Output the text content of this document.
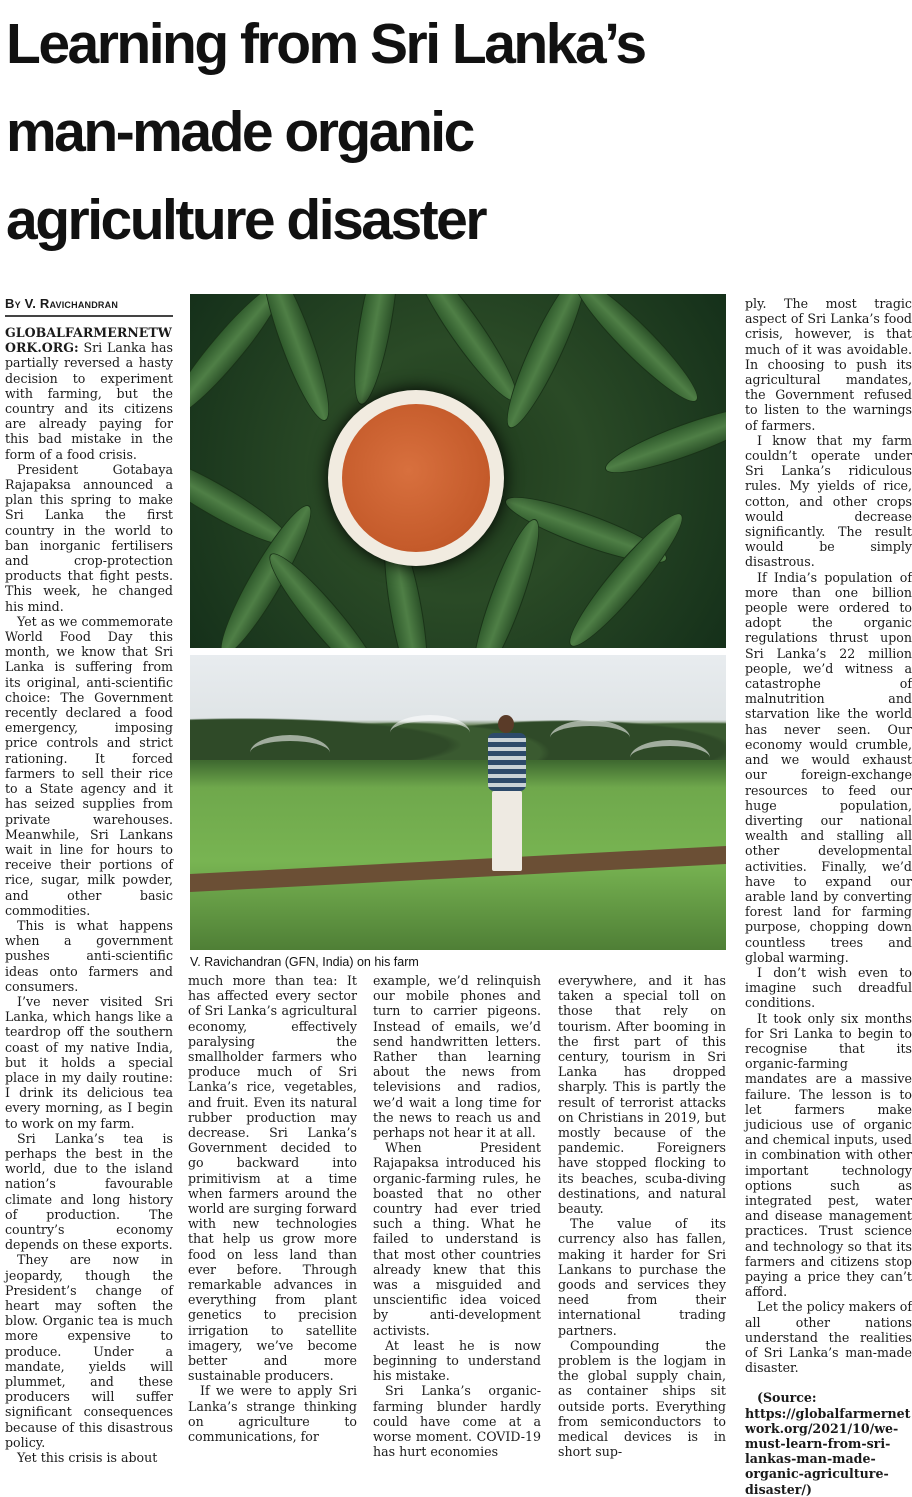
Learning from Sri Lanka’s
man-made organic
agriculture disaster
By V. Ravichandran

GLOBALFARMERNETWORK.ORG: Sri Lanka has partially reversed a hasty decision to experiment with farming, but the country and its citizens are already paying for this bad mistake in the form of a food crisis.

President Gotabaya Rajapaksa announced a plan this spring to make Sri Lanka the first country in the world to ban inorganic fertilisers and crop-protection products that fight pests. This week, he changed his mind.

Yet as we commemorate World Food Day this month, we know that Sri Lanka is suffering from its original, anti-scientific choice: The Government recently declared a food emergency, imposing price controls and strict rationing. It forced farmers to sell their rice to a State agency and it has seized supplies from private warehouses. Meanwhile, Sri Lankans wait in line for hours to receive their portions of rice, sugar, milk powder, and other basic commodities.

This is what happens when a government pushes anti-scientific ideas onto farmers and consumers.

I’ve never visited Sri Lanka, which hangs like a teardrop off the southern coast of my native India, but it holds a special place in my daily routine: I drink its delicious tea every morning, as I begin to work on my farm.

Sri Lanka’s tea is perhaps the best in the world, due to the island nation’s favourable climate and long history of production. The country’s economy depends on these exports.

They are now in jeopardy, though the President’s change of heart may soften the blow. Organic tea is much more expensive to produce. Under a mandate, yields will plummet, and these producers will suffer significant consequences because of this disastrous policy.

Yet this crisis is about

V. Ravichandran (GFN, India) on his farm

much more than tea: It has affected every sector of Sri Lanka’s agricultural economy, effectively paralysing the smallholder farmers who produce much of Sri Lanka’s rice, vegetables, and fruit. Even its natural rubber production may decrease. Sri Lanka’s Government decided to go backward into primitivism at a time when farmers around the world are surging forward with new technologies that help us grow more food on less land than ever before. Through remarkable advances in everything from plant genetics to precision irrigation to satellite imagery, we’ve become better and more sustainable producers.

If we were to apply Sri Lanka’s strange thinking on agriculture to communications, for

example, we’d relinquish our mobile phones and turn to carrier pigeons. Instead of emails, we’d send handwritten letters. Rather than learning about the news from televisions and radios, we’d wait a long time for the news to reach us and perhaps not hear it at all.

When President Rajapaksa introduced his organic-farming rules, he boasted that no other country had ever tried such a thing. What he failed to understand is that most other countries already knew that this was a misguided and unscientific idea voiced by anti-development activists.

At least he is now beginning to understand his mistake.

Sri Lanka’s organic-farming blunder hardly could have come at a worse moment. COVID-19 has hurt economies

everywhere, and it has taken a special toll on those that rely on tourism. After booming in the first part of this century, tourism in Sri Lanka has dropped sharply. This is partly the result of terrorist attacks on Christians in 2019, but mostly because of the pandemic. Foreigners have stopped flocking to its beaches, scuba-diving destinations, and natural beauty.

The value of its currency also has fallen, making it harder for Sri Lankans to purchase the goods and services they need from their international trading partners.

Compounding the problem is the logjam in the global supply chain, as container ships sit outside ports. Everything from semiconductors to medical devices is in short sup-

ply. The most tragic aspect of Sri Lanka’s food crisis, however, is that much of it was avoidable. In choosing to push its agricultural mandates, the Government refused to listen to the warnings of farmers.

I know that my farm couldn’t operate under Sri Lanka’s ridiculous rules. My yields of rice, cotton, and other crops would decrease significantly. The result would be simply disastrous.

If India’s population of more than one billion people were ordered to adopt the organic regulations thrust upon Sri Lanka’s 22 million people, we’d witness a catastrophe of malnutrition and starvation like the world has never seen. Our economy would crumble, and we would exhaust our foreign-exchange resources to feed our huge population, diverting our national wealth and stalling all other developmental activities. Finally, we’d have to expand our arable land by converting forest land for farming purpose, chopping down countless trees and global warming.

I don’t wish even to imagine such dreadful conditions.

It took only six months for Sri Lanka to begin to recognise that its organic-farming mandates are a massive failure. The lesson is to let farmers make judicious use of organic and chemical inputs, used in combination with other important technology options such as integrated pest, water and disease management practices. Trust science and technology so that its farmers and citizens stop paying a price they can’t afford.

Let the policy makers of all other nations understand the realities of Sri Lanka’s man-made disaster.

(Source: https://globalfarmernetwork.org/2021/10/we-must-learn-from-sri-lankas-man-made-organic-agriculture-disaster/)
